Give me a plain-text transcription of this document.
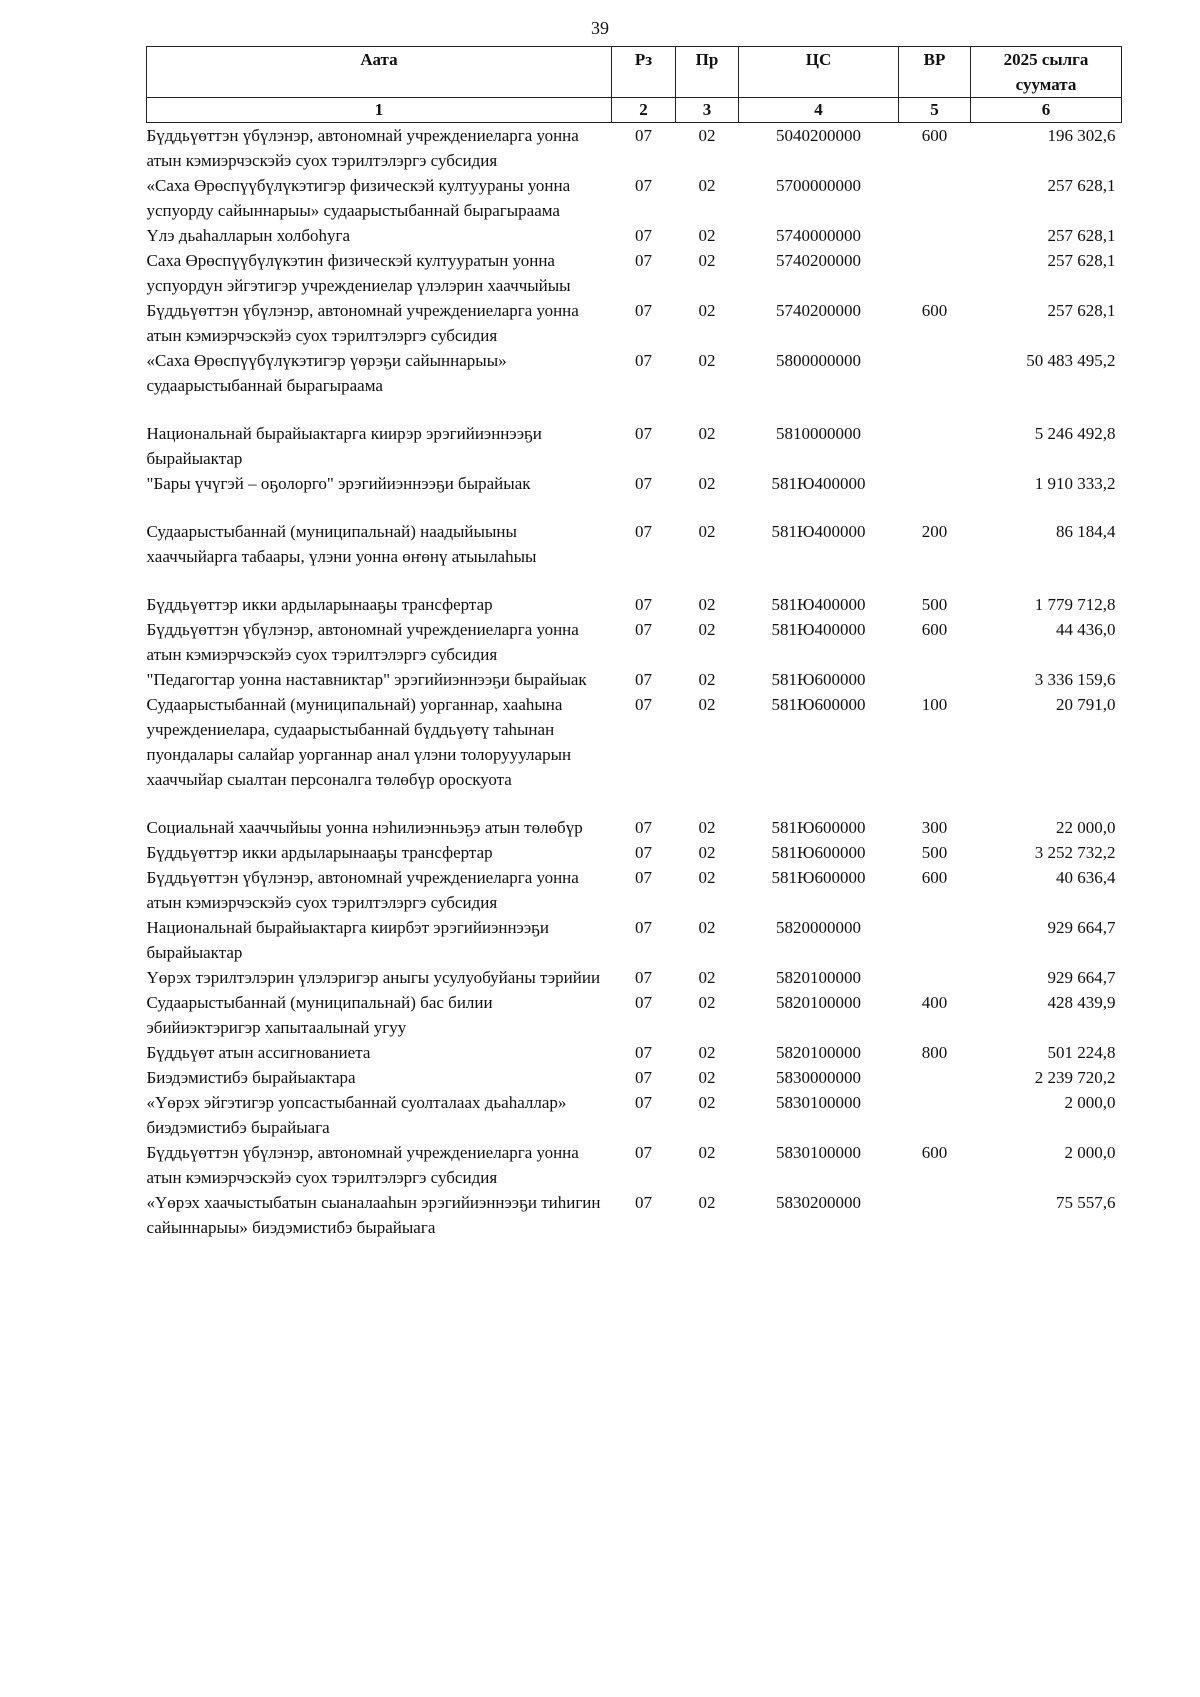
39
Аата	Рз	Пр	ЦС	ВР	2025 сылга суумата
1	2	3	4	5	6
Бүддьүөттэн үбүлэнэр, автономнай учреждениеларга уонна атын кэмиэрчэскэйэ суох тэрилтэлэргэ субсидия	07	02	5040200000	600	196 302,6
«Саха Өрөспүүбүлүкэтигэр физическэй култуураны уонна успуорду сайыннарыы» судаарыстыбаннай бырагыраама	07	02	5700000000		257 628,1
Үлэ дьаhалларын холбоhуга	07	02	5740000000		257 628,1
Саха Өрөспүүбүлүкэтин физическэй култууратын уонна успуордун эйгэтигэр учреждениелар үлэлэрин хааччыйыы	07	02	5740200000		257 628,1
Бүддьүөттэн үбүлэнэр, автономнай учреждениеларга уонна атын кэмиэрчэскэйэ суох тэрилтэлэргэ субсидия	07	02	5740200000	600	257 628,1
«Саха Өрөспүүбүлүкэтигэр үөрэҕи сайыннарыы» судаарыстыбаннай бырагыраама	07	02	5800000000		50 483 495,2
Национальнай бырайыактарга киирэр эрэгийиэннээҕи бырайыактар	07	02	5810000000		5 246 492,8
"Бары үчүгэй – оҕолорго" эрэгийиэннээҕи бырайыак	07	02	581Ю400000		1 910 333,2
Судаарыстыбаннай (муниципальнай) наадыйыыны хааччыйарга табаары, үлэни уонна өҥөнү атыылаhыы	07	02	581Ю400000	200	86 184,4
Бүддьүөттэр икки ардыларынааҕы трансфертар	07	02	581Ю400000	500	1 779 712,8
Бүддьүөттэн үбүлэнэр, автономнай учреждениеларга уонна атын кэмиэрчэскэйэ суох тэрилтэлэргэ субсидия	07	02	581Ю400000	600	44 436,0
"Педагогтар уонна наставниктар" эрэгийиэннээҕи бырайыак	07	02	581Ю600000		3 336 159,6
Судаарыстыбаннай (муниципальнай) уорганнар, хааhына учреждениелара, судаарыстыбаннай бүддьүөтү таhынан пуондалары салайар уорганнар анал үлэни толоруууларын хааччыйар сыалтан персоналга төлөбүр ороскуота	07	02	581Ю600000	100	20 791,0
Социальнай хааччыйыы уонна нэhилиэнньэҕэ атын төлөбүр	07	02	581Ю600000	300	22 000,0
Бүддьүөттэр икки ардыларынааҕы трансфертар	07	02	581Ю600000	500	3 252 732,2
Бүддьүөттэн үбүлэнэр, автономнай учреждениеларга уонна атын кэмиэрчэскэйэ суох тэрилтэлэргэ субсидия	07	02	581Ю600000	600	40 636,4
Национальнай бырайыактарга киирбэт эрэгийиэннээҕи бырайыактар	07	02	5820000000		929 664,7
Үөрэх тэрилтэлэрин үлэлэригэр аныгы усулуобуйаны тэрийии	07	02	5820100000		929 664,7
Судаарыстыбаннай (муниципальнай) бас билии эбийиэктэригэр хапытаалынай угуу	07	02	5820100000	400	428 439,9
Бүддьүөт атын ассигнованиета	07	02	5820100000	800	501 224,8
Биэдэмистибэ бырайыактара	07	02	5830000000		2 239 720,2
«Үөрэх эйгэтигэр уопсастыбаннай суолталаах дьаhаллар» биэдэмистибэ бырайыага	07	02	5830100000		2 000,0
Бүддьүөттэн үбүлэнэр, автономнай учреждениеларга уонна атын кэмиэрчэскэйэ суох тэрилтэлэргэ субсидия	07	02	5830100000	600	2 000,0
«Үөрэх хаачыстыбатын сыаналааhын эрэгийиэннээҕи тиhигин сайыннарыы» биэдэмистибэ бырайыага	07	02	5830200000		75 557,6
